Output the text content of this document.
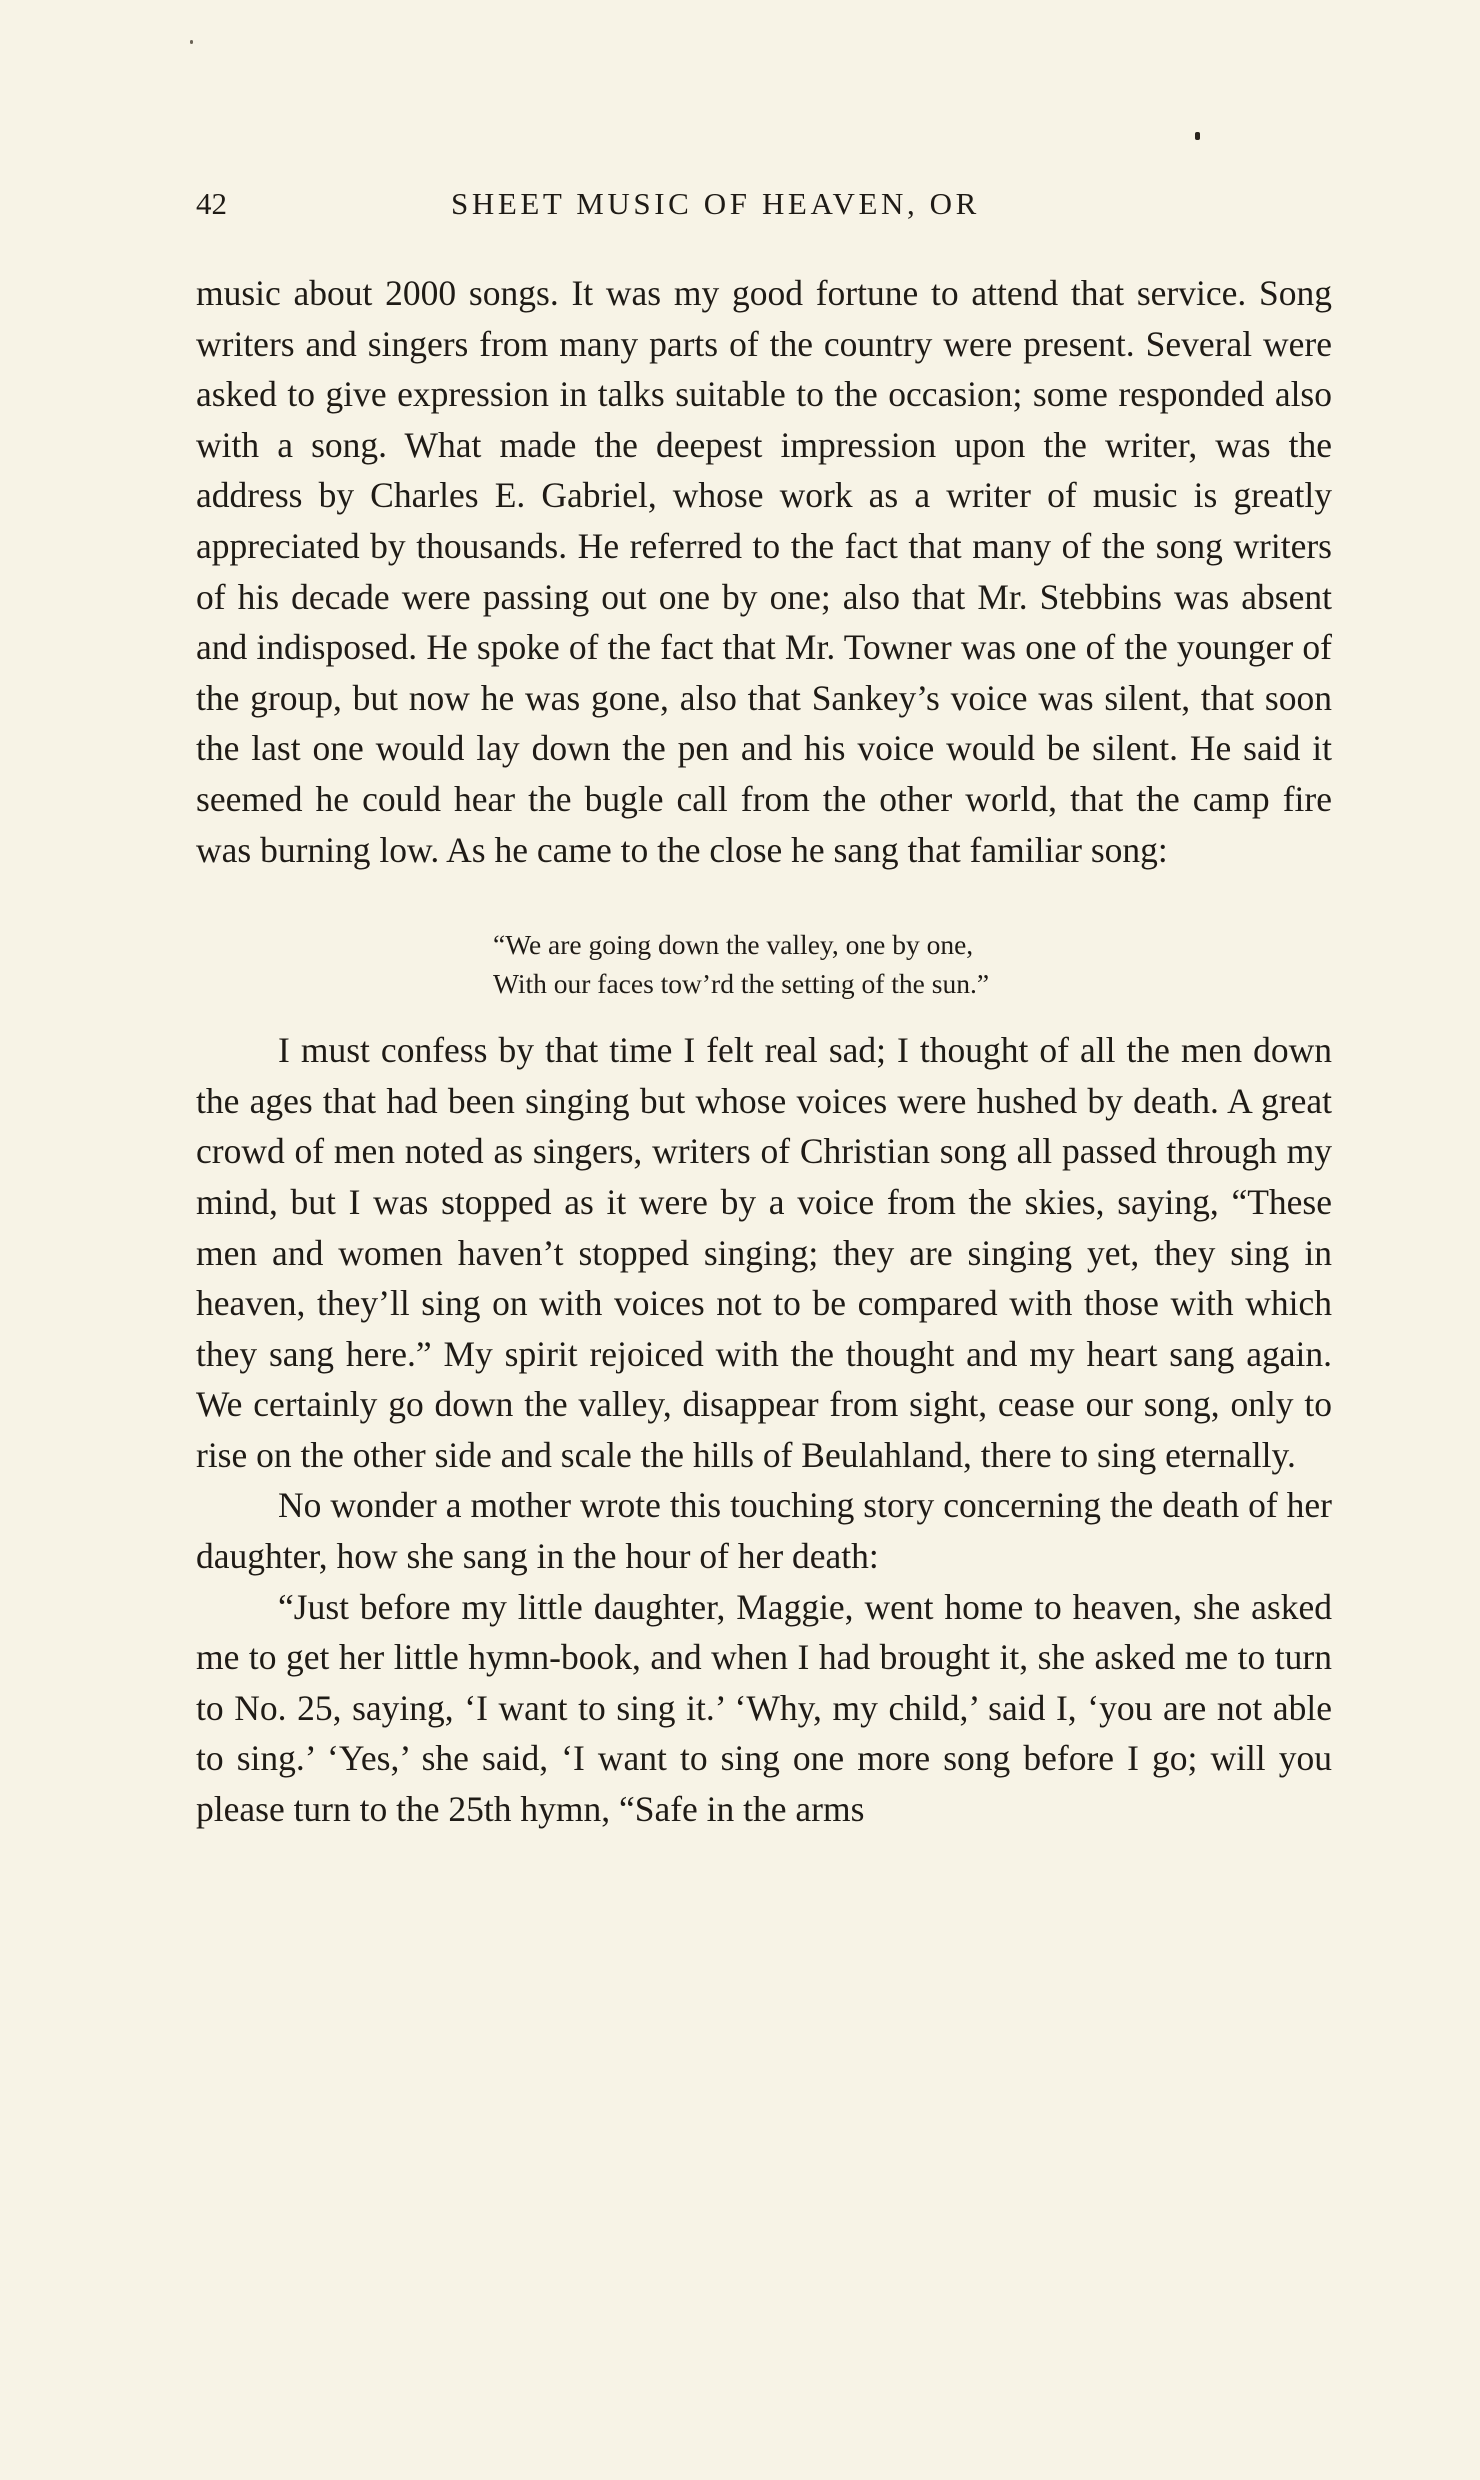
42	SHEET MUSIC OF HEAVEN, OR

music about 2000 songs. It was my good fortune to attend that service. Song writers and singers from many parts of the country were present. Several were asked to give expression in talks suitable to the occasion; some responded also with a song. What made the deepest impression upon the writer, was the address by Charles E. Gabriel, whose work as a writer of music is greatly appreciated by thousands. He referred to the fact that many of the song writers of his decade were passing out one by one; also that Mr. Stebbins was absent and indisposed. He spoke of the fact that Mr. Towner was one of the younger of the group, but now he was gone, also that Sankey’s voice was silent, that soon the last one would lay down the pen and his voice would be silent. He said it seemed he could hear the bugle call from the other world, that the camp fire was burning low. As he came to the close he sang that familiar song:

“We are going down the valley, one by one,
With our faces tow’rd the setting of the sun.”

I must confess by that time I felt real sad; I thought of all the men down the ages that had been singing but whose voices were hushed by death. A great crowd of men noted as singers, writers of Christian song all passed through my mind, but I was stopped as it were by a voice from the skies, saying, “These men and women haven’t stopped singing; they are singing yet, they sing in heaven, they’ll sing on with voices not to be compared with those with which they sang here.” My spirit rejoiced with the thought and my heart sang again. We certainly go down the valley, disappear from sight, cease our song, only to rise on the other side and scale the hills of Beulahland, there to sing eternally.

No wonder a mother wrote this touching story concerning the death of her daughter, how she sang in the hour of her death:

“Just before my little daughter, Maggie, went home to heaven, she asked me to get her little hymn-book, and when I had brought it, she asked me to turn to No. 25, saying, ‘I want to sing it.’ ‘Why, my child,’ said I, ‘you are not able to sing.’ ‘Yes,’ she said, ‘I want to sing one more song before I go; will you please turn to the 25th hymn, “Safe in the arms
